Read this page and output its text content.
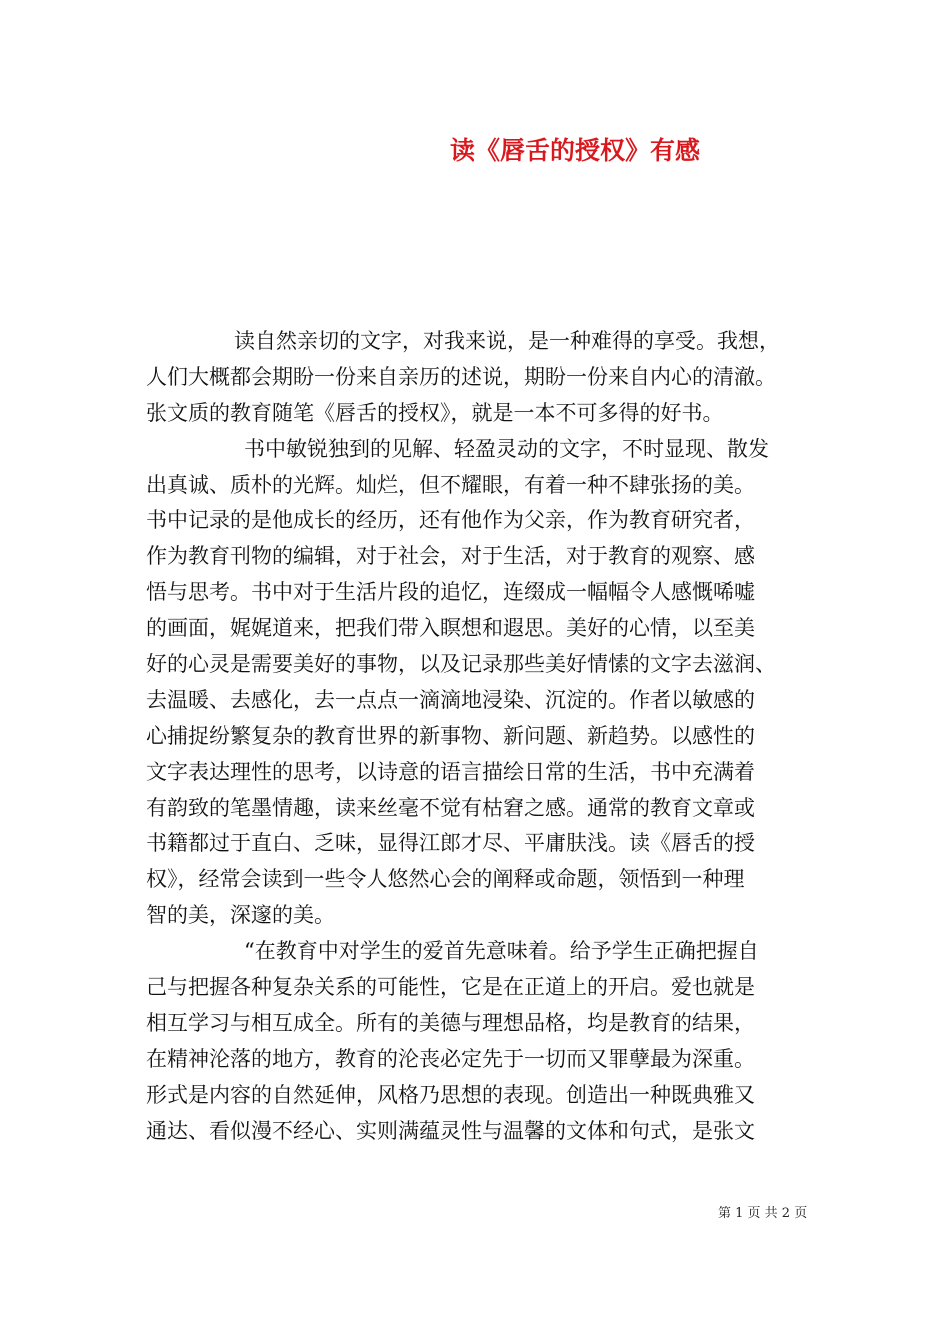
读《唇舌的授权》有感
读自然亲切的文字，对我来说，是一种难得的享受。我想，
人们大概都会期盼一份来自亲历的述说，期盼一份来自内心的清澈。
张文质的教育随笔《唇舌的授权》，就是一本不可多得的好书。
书中敏锐独到的见解、轻盈灵动的文字，不时显现、散发
出真诚、质朴的光辉。灿烂，但不耀眼，有着一种不肆张扬的美。
书中记录的是他成长的经历，还有他作为父亲，作为教育研究者，
作为教育刊物的编辑，对于社会，对于生活，对于教育的观察、感
悟与思考。书中对于生活片段的追忆，连缀成一幅幅令人感慨唏嘘
的画面，娓娓道来，把我们带入瞑想和遐思。美好的心情，以至美
好的心灵是需要美好的事物，以及记录那些美好情愫的文字去滋润、
去温暖、去感化，去一点点一滴滴地浸染、沉淀的。作者以敏感的
心捕捉纷繁复杂的教育世界的新事物、新问题、新趋势。以感性的
文字表达理性的思考，以诗意的语言描绘日常的生活，书中充满着
有韵致的笔墨情趣，读来丝毫不觉有枯窘之感。通常的教育文章或
书籍都过于直白、乏味，显得江郎才尽、平庸肤浅。读《唇舌的授
权》，经常会读到一些令人悠然心会的阐释或命题，领悟到一种理
智的美，深邃的美。
“在教育中对学生的爱首先意味着。给予学生正确把握自
己与把握各种复杂关系的可能性，它是在正道上的开启。爱也就是
相互学习与相互成全。所有的美德与理想品格，均是教育的结果，
在精神沦落的地方，教育的沦丧必定先于一切而又罪孽最为深重。
形式是内容的自然延伸，风格乃思想的表现。创造出一种既典雅又
通达、看似漫不经心、实则满蕴灵性与温馨的文体和句式，是张文
第 1 页 共 2 页
